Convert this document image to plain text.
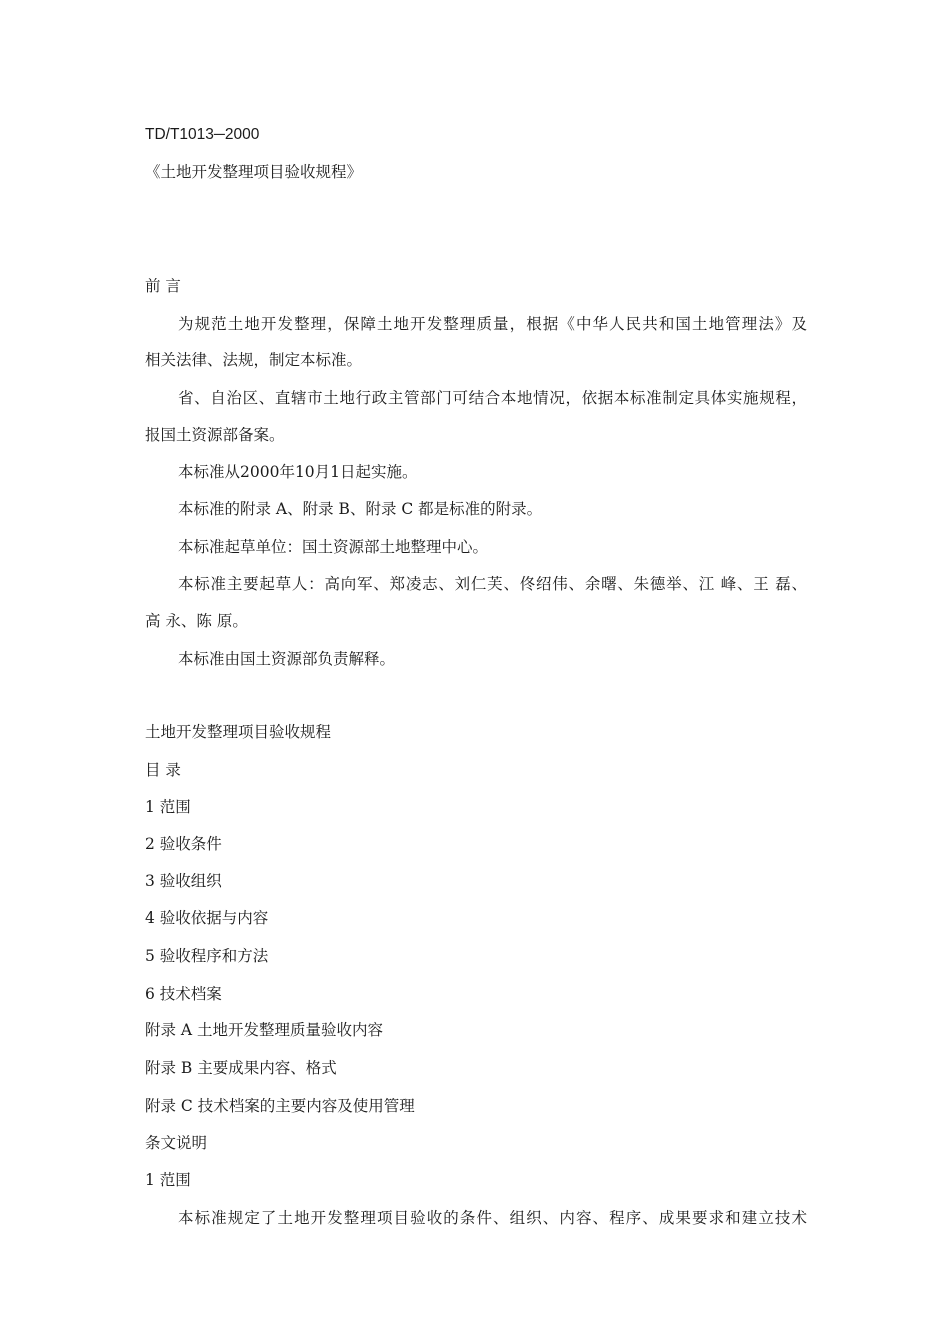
TD/T1013─2000
《土地开发整理项目验收规程》
前 言
为规范土地开发整理，保障土地开发整理质量，根据《中华人民共和国土地管理法》及
相关法律、法规，制定本标准。
省、自治区、直辖市土地行政主管部门可结合本地情况，依据本标准制定具体实施规程，
报国土资源部备案。
本标准从2000年10月1日起实施。
本标准的附录 A、附录 B、附录 C 都是标准的附录。
本标准起草单位：国土资源部土地整理中心。
本标准主要起草人：高向军、郑凌志、刘仁芙、佟绍伟、余曙、朱德举、江 峰、王 磊、
高 永、陈 原。
本标准由国土资源部负责解释。
土地开发整理项目验收规程
目 录
1 范围
2 验收条件
3 验收组织
4 验收依据与内容
5 验收程序和方法
6 技术档案
附录 A 土地开发整理质量验收内容
附录 B 主要成果内容、格式
附录 C 技术档案的主要内容及使用管理
条文说明
1 范围
本标准规定了土地开发整理项目验收的条件、组织、内容、程序、成果要求和建立技术
